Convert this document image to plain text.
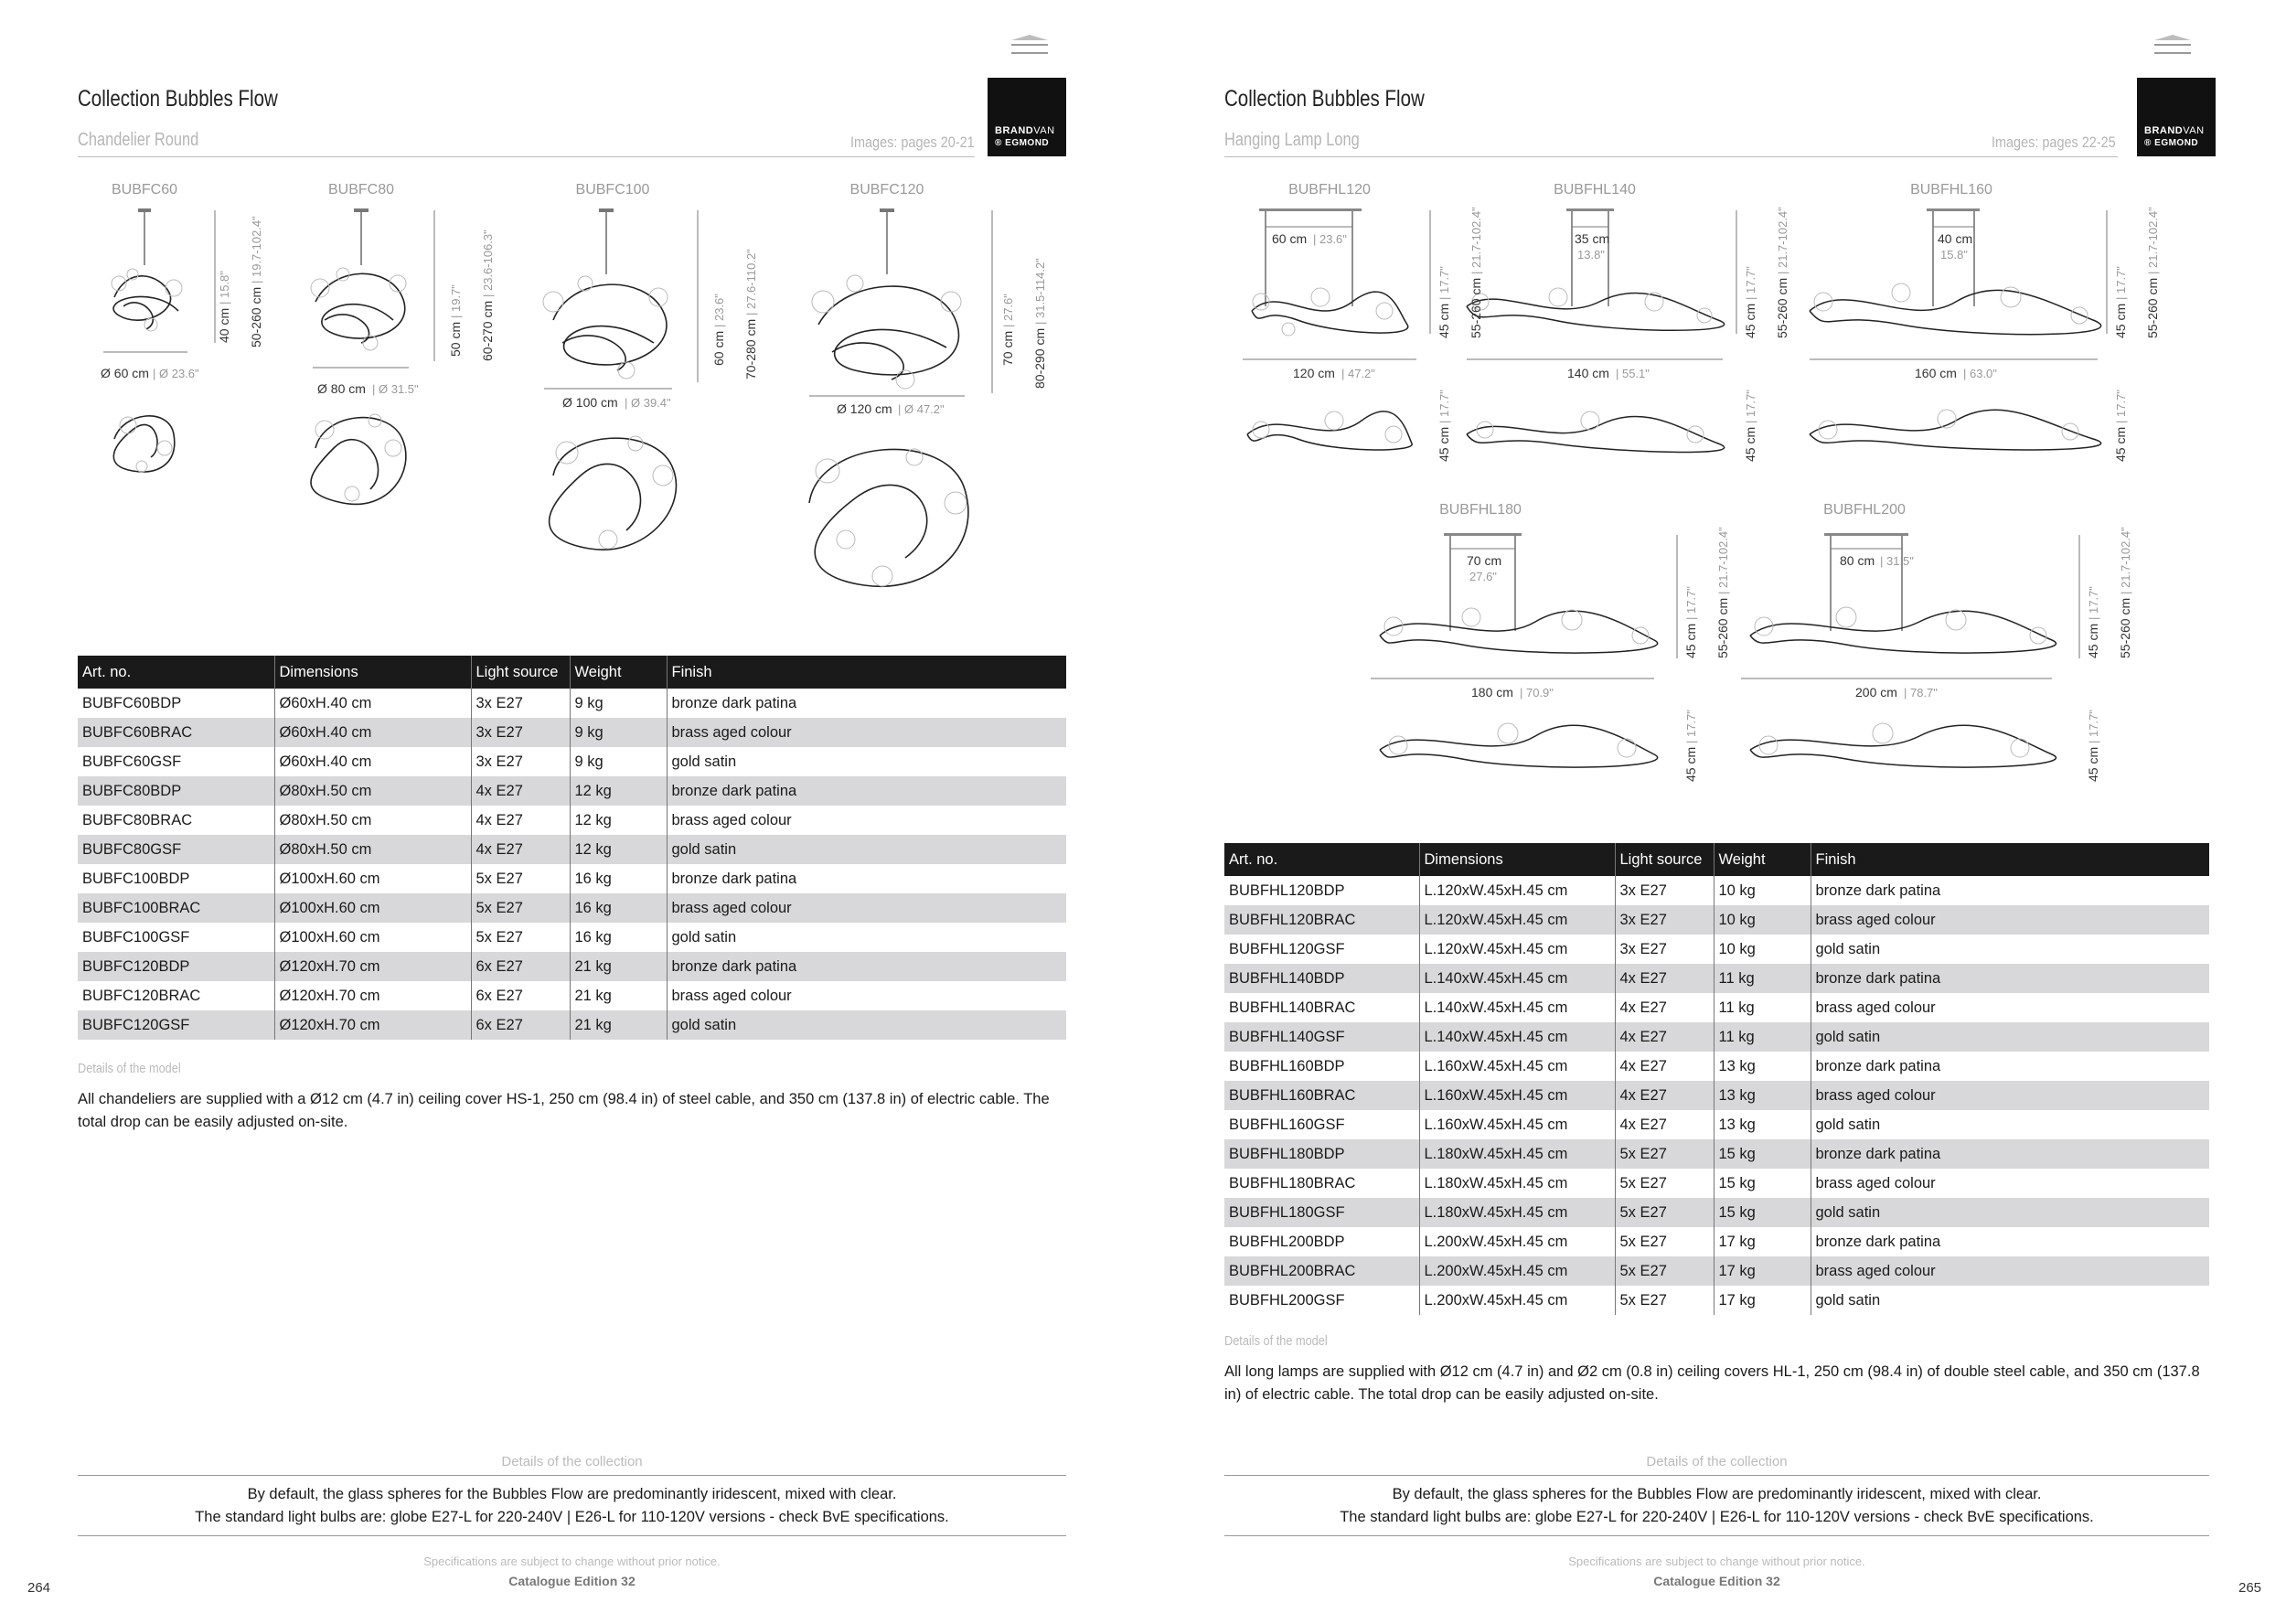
Collection Bubbles Flow
Chandelier Round	Images: pages 20-21
BRANDVAN
® EGMOND
BUBFC60	BUBFC80	BUBFC100	BUBFC120
Ø 60 cm | Ø 23.6"
Ø 80 cm | Ø 31.5"
Ø 100 cm | Ø 39.4"	Ø 120 cm | Ø 47.2"
40 cm
| 15.8" 50-260 cm
| 19.7-102.4"
50 cm
| 19.7" 60-270 cm
| 23.6-106.3"
60 cm
| 23.6"
70-280 cm
| 27.6-110.2"
70 cm
| 27.6"
80-290 cm
| 31.5-114.2"
Art. no.	Dimensions	Light source	Weight	Finish
BUBFC60BDP	Ø60xH.40 cm	3x E27	9 kg	bronze dark patina
BUBFC60BRAC	Ø60xH.40 cm	3x E27	9 kg	brass aged colour
BUBFC60GSF	Ø60xH.40 cm	3x E27	9 kg	gold satin
BUBFC80BDP	Ø80xH.50 cm	4x E27	12 kg	bronze dark patina
BUBFC80BRAC	Ø80xH.50 cm	4x E27	12 kg	brass aged colour
BUBFC80GSF	Ø80xH.50 cm	4x E27	12 kg	gold satin
BUBFC100BDP	Ø100xH.60 cm	5x E27	16 kg	bronze dark patina
BUBFC100BRAC	Ø100xH.60 cm	5x E27	16 kg	brass aged colour
BUBFC100GSF	Ø100xH.60 cm	5x E27	16 kg	gold satin
BUBFC120BDP	Ø120xH.70 cm	6x E27	21 kg	bronze dark patina
BUBFC120BRAC	Ø120xH.70 cm	6x E27	21 kg	brass aged colour
BUBFC120GSF	Ø120xH.70 cm	6x E27	21 kg	gold satin
Details of the model
All chandeliers are supplied with a Ø12 cm (4.7 in) ceiling cover HS-1, 250 cm (98.4 in) of steel cable, and 350 cm (137.8 in) of electric cable. The total drop can be easily adjusted on-site.
Details of the collection
By default, the glass spheres for the Bubbles Flow are predominantly iridescent, mixed with clear.
The standard light bulbs are: globe E27-L for 220-240V | E26-L for 110-120V versions - check BvE specifications.
Specifications are subject to change without prior notice.
Catalogue Edition 32
264
Collection Bubbles Flow
Hanging Lamp Long	Images: pages 22-25
BRANDVAN
® EGMOND
BUBFHL120	BUBFHL140	BUBFHL160
BUBFHL180	BUBFHL200
60 cm | 23.6"	35 cm
13.8"
40 cm
15.8"
70 cm
27.6"
80 cm | 31.5"
120 cm | 47.2"	140 cm | 55.1"	160 cm | 63.0"
180 cm | 70.9"	200 cm | 78.7"
45 cm
| 17.7" 55-260 cm
| 21.7-102.4"
45 cm
| 17.7"
45 cm
| 17.7" 55-260 cm
| 21.7-102.4"
45 cm
| 17.7"
45 cm
| 17.7" 55-260 cm
| 21.7-102.4"
45 cm
| 17.7"
45 cm
| 17.7" 55-260 cm
| 21.7-102.4"
45 cm
| 17.7"
45 cm
| 17.7" 55-260 cm
| 21.7-102.4"
45 cm
| 17.7"
Art. no.	Dimensions	Light source	Weight	Finish
BUBFHL120BDP	L.120xW.45xH.45 cm	3x E27	10 kg	bronze dark patina
BUBFHL120BRAC	L.120xW.45xH.45 cm	3x E27	10 kg	brass aged colour
BUBFHL120GSF	L.120xW.45xH.45 cm	3x E27	10 kg	gold satin
BUBFHL140BDP	L.140xW.45xH.45 cm	4x E27	11 kg	bronze dark patina
BUBFHL140BRAC	L.140xW.45xH.45 cm	4x E27	11 kg	brass aged colour
BUBFHL140GSF	L.140xW.45xH.45 cm	4x E27	11 kg	gold satin
BUBFHL160BDP	L.160xW.45xH.45 cm	4x E27	13 kg	bronze dark patina
BUBFHL160BRAC	L.160xW.45xH.45 cm	4x E27	13 kg	brass aged colour
BUBFHL160GSF	L.160xW.45xH.45 cm	4x E27	13 kg	gold satin
BUBFHL180BDP	L.180xW.45xH.45 cm	5x E27	15 kg	bronze dark patina
BUBFHL180BRAC	L.180xW.45xH.45 cm	5x E27	15 kg	brass aged colour
BUBFHL180GSF	L.180xW.45xH.45 cm	5x E27	15 kg	gold satin
BUBFHL200BDP	L.200xW.45xH.45 cm	5x E27	17 kg	bronze dark patina
BUBFHL200BRAC	L.200xW.45xH.45 cm	5x E27	17 kg	brass aged colour
BUBFHL200GSF	L.200xW.45xH.45 cm	5x E27	17 kg	gold satin
Details of the model
All long lamps are supplied with Ø12 cm (4.7 in) and Ø2 cm (0.8 in) ceiling covers HL-1, 250 cm (98.4 in) of double steel cable, and 350 cm (137.8 in) of electric cable. The total drop can be easily adjusted on-site.
Details of the collection
By default, the glass spheres for the Bubbles Flow are predominantly iridescent, mixed with clear.
The standard light bulbs are: globe E27-L for 220-240V | E26-L for 110-120V versions - check BvE specifications.
Specifications are subject to change without prior notice.
Catalogue Edition 32	265
